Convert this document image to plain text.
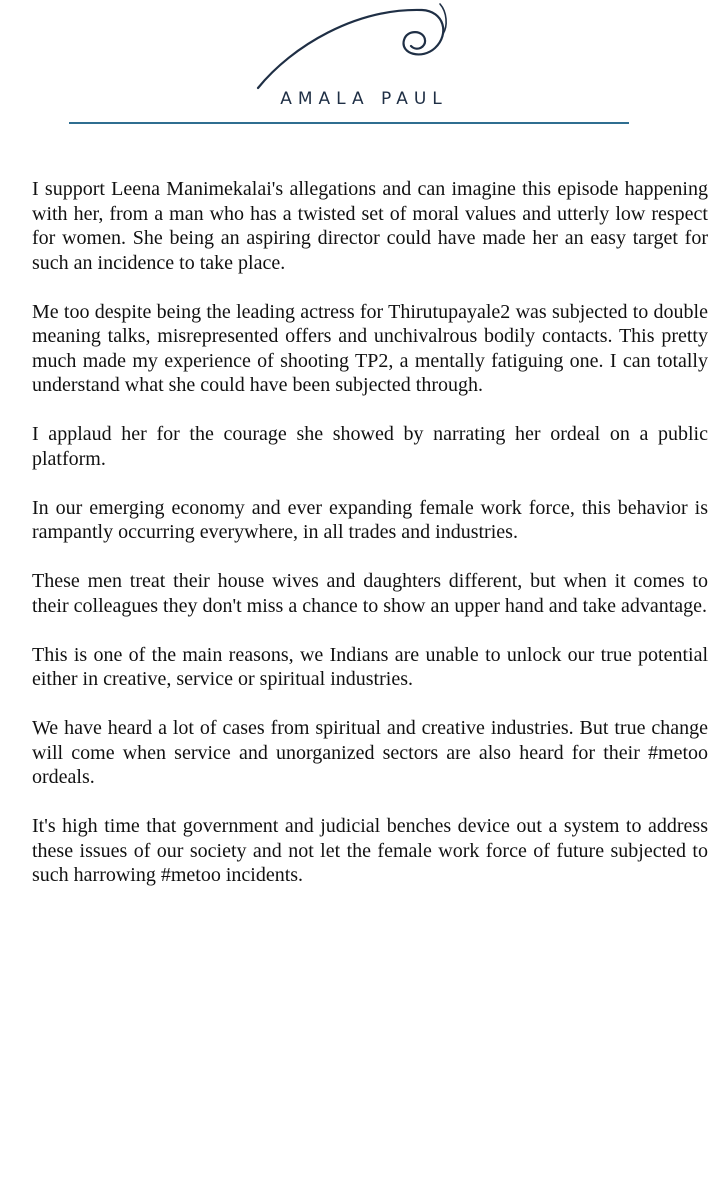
AMALA PAUL

I support Leena Manimekalai's allegations and can imagine this episode happening with her, from a man who has a twisted set of moral values and utterly low respect for women. She being an aspiring director could have made her an easy target for such an incidence to take place.

Me too despite being the leading actress for Thirutupayale2 was subjected to double meaning talks, misrepresented offers and unchivalrous bodily contacts. This pretty much made my experience of shooting TP2, a mentally fatiguing one. I can totally understand what she could have been subjected through.

I applaud her for the courage she showed by narrating her ordeal on a public platform.

In our emerging economy and ever expanding female work force, this behavior is rampantly occurring everywhere, in all trades and industries.

These men treat their house wives and daughters different, but when it comes to their colleagues they don't miss a chance to show an upper hand and take advantage.

This is one of the main reasons, we Indians are unable to unlock our true potential either in creative, service or spiritual industries.

We have heard a lot of cases from spiritual and creative industries. But true change will come when service and unorganized sectors are also heard for their #metoo ordeals.

It's high time that government and judicial benches device out a system to address these issues of our society and not let the female work force of future subjected to such harrowing #metoo incidents.
